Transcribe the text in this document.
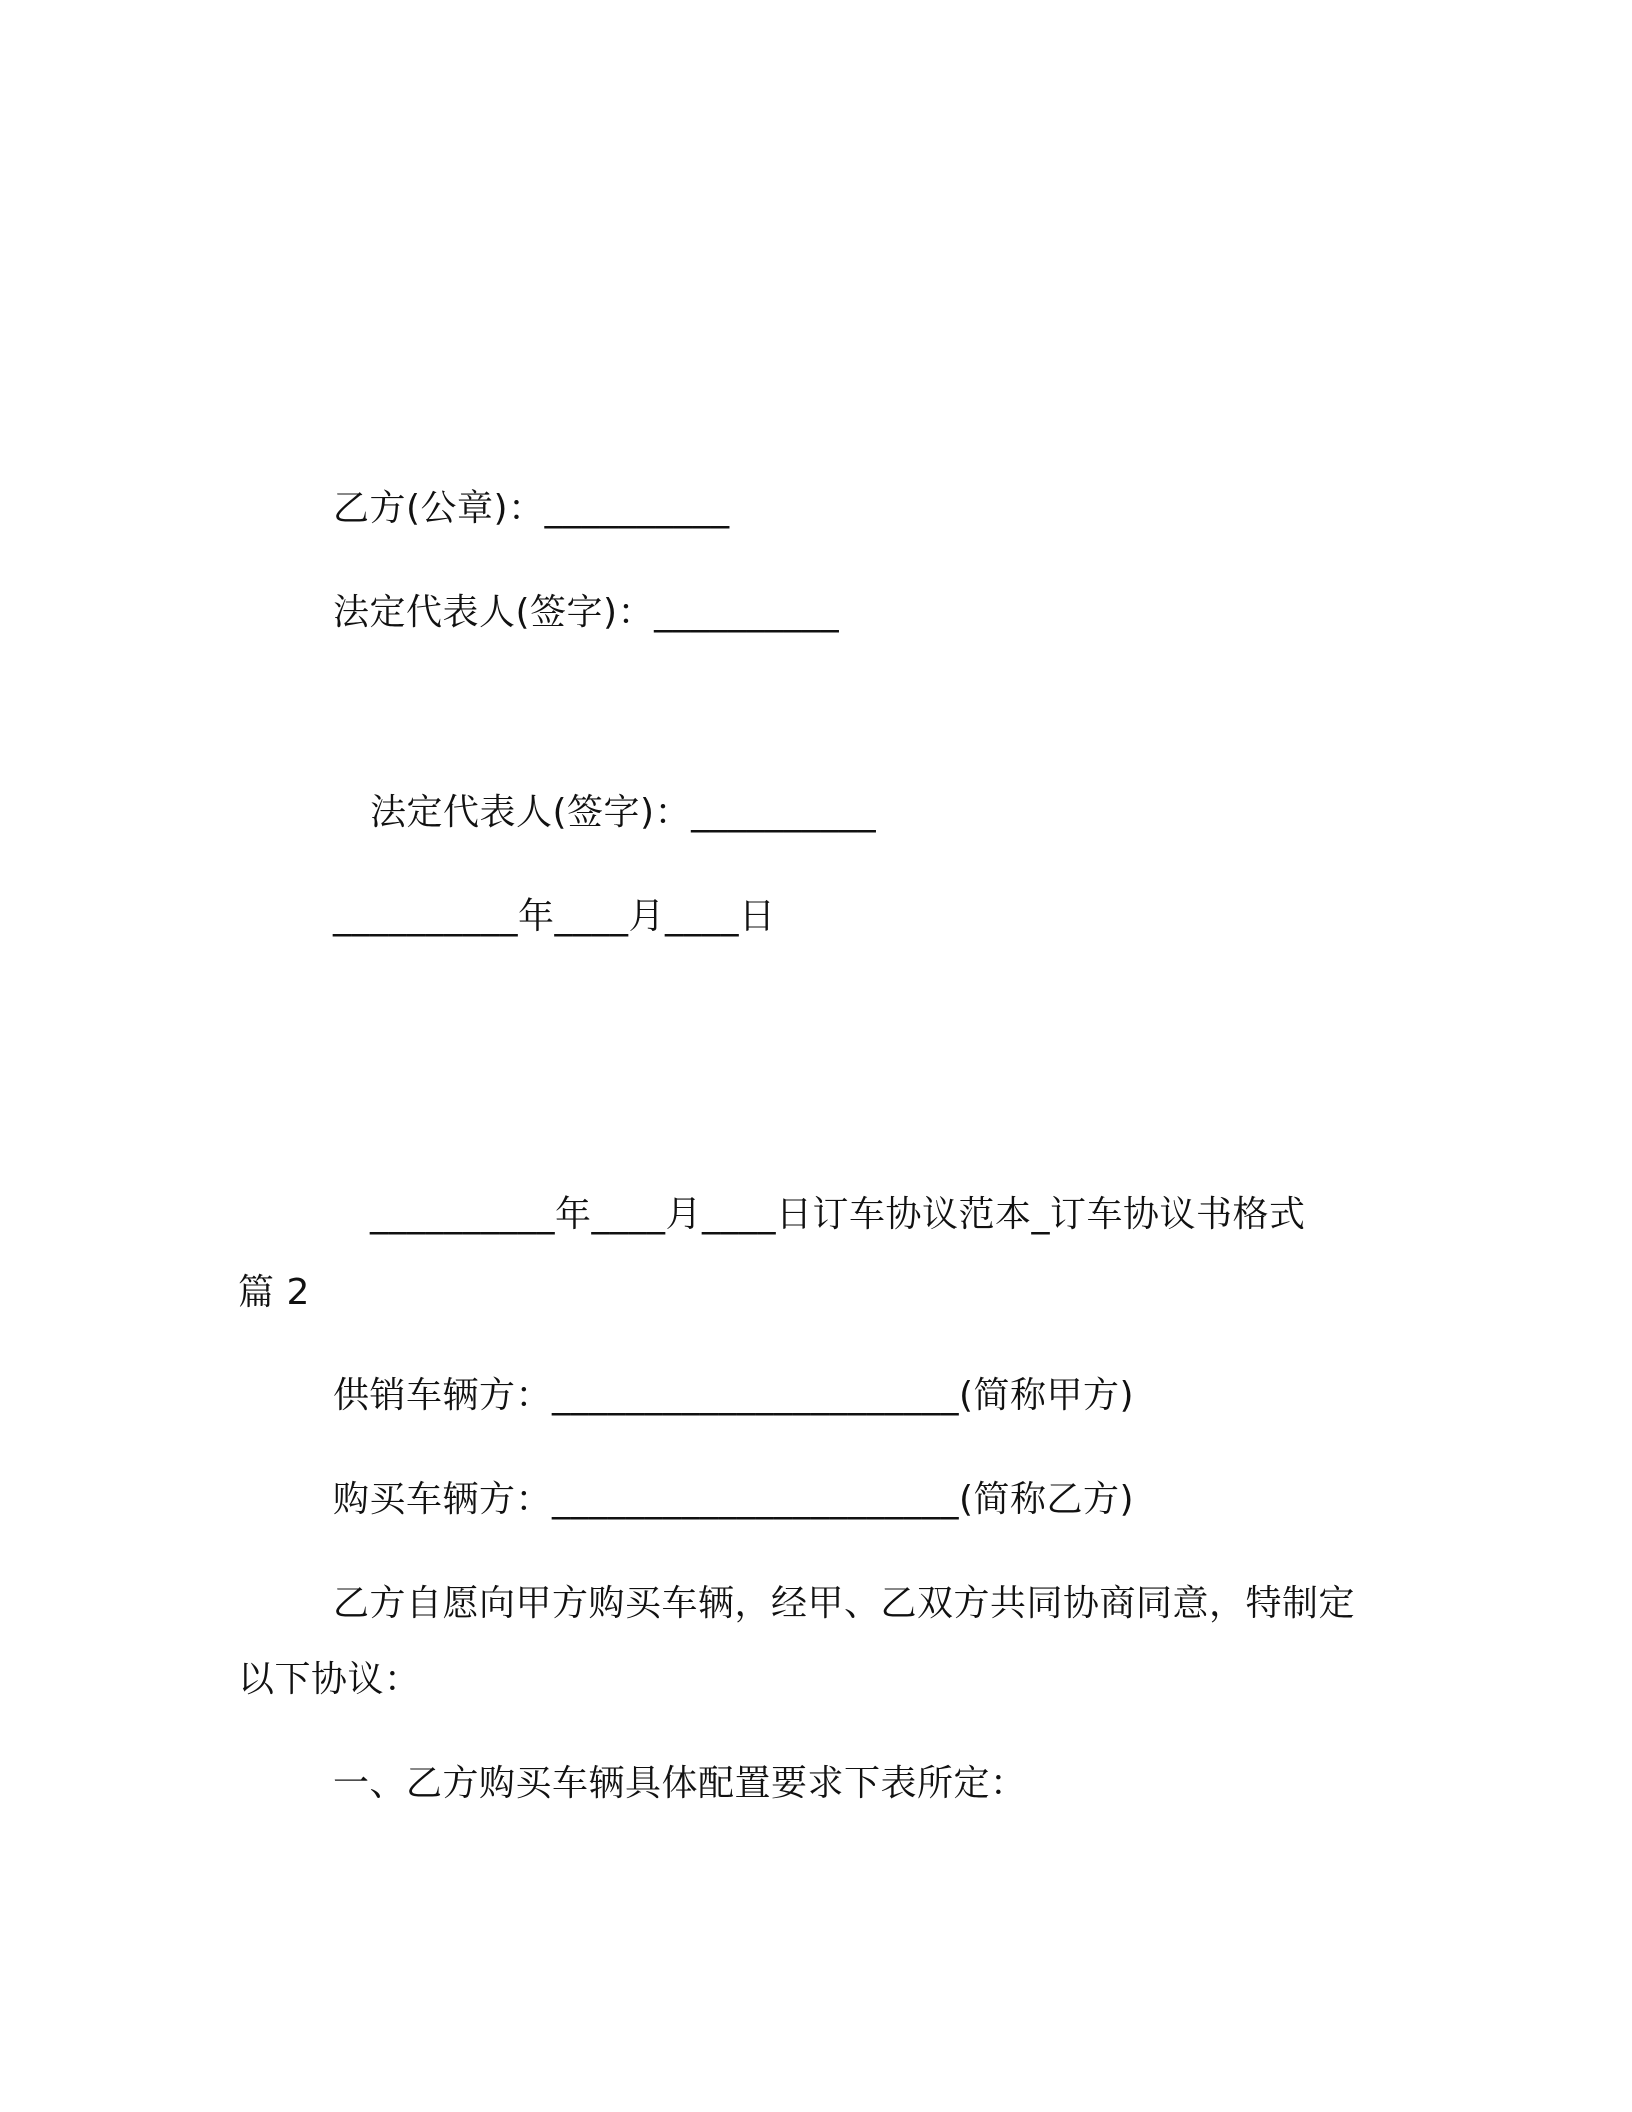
乙方(公章)：__________
法定代表人(签字)：__________
法定代表人(签字)：__________
__________年____月____日
__________年____月____日订车协议范本_订车协议书格式
篇 2
供销车辆方：______________________(简称甲方)
购买车辆方：______________________(简称乙方)
乙方自愿向甲方购买车辆，经甲、乙双方共同协商同意，特制定
以下协议：
一、乙方购买车辆具体配置要求下表所定：
